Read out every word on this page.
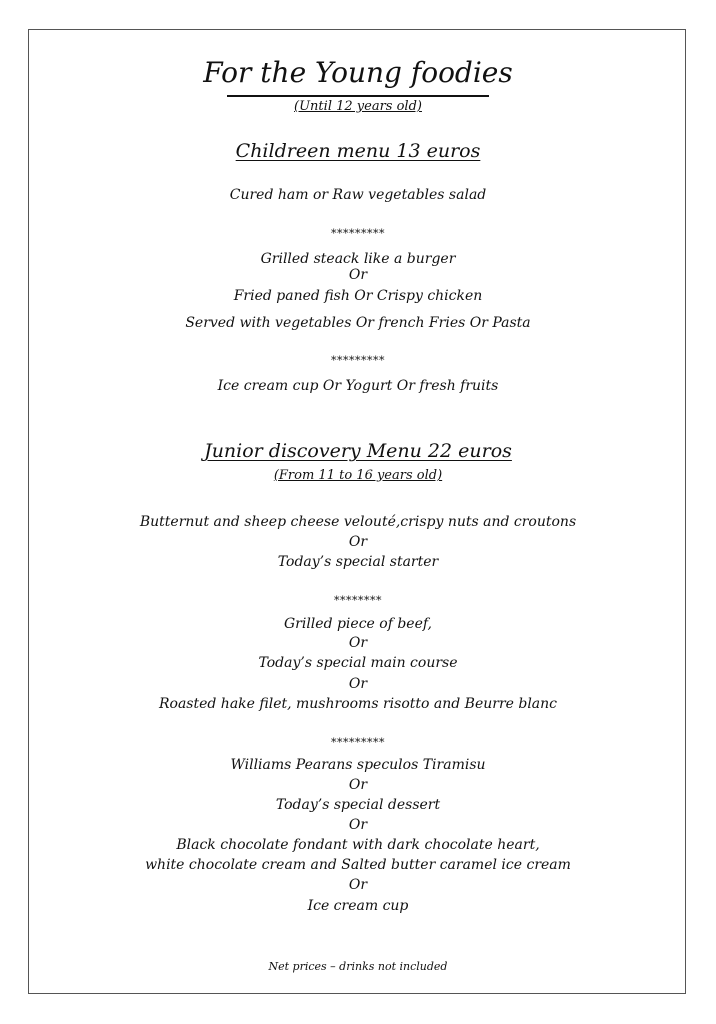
For the Young foodies
(Until 12 years old)
Childreen menu 13 euros
Cured ham or Raw vegetables salad
*********
Grilled steack like a burger
Or
Fried paned fish Or Crispy chicken
Served with vegetables Or french Fries Or Pasta
*********
Ice cream cup Or Yogurt Or fresh fruits
Junior discovery Menu 22 euros
(From 11 to 16 years old)
Butternut and sheep cheese velouté,crispy nuts and croutons
Or
Today’s special starter
********
Grilled piece of beef,
Or
Today’s special main course
Or
Roasted hake filet, mushrooms risotto and Beurre blanc
*********
Williams Pearans speculos Tiramisu
Or
Today’s special dessert
Or
Black chocolate fondant with dark chocolate heart,
white chocolate cream and Salted butter caramel ice cream
Or
Ice cream cup
Net prices – drinks not included
